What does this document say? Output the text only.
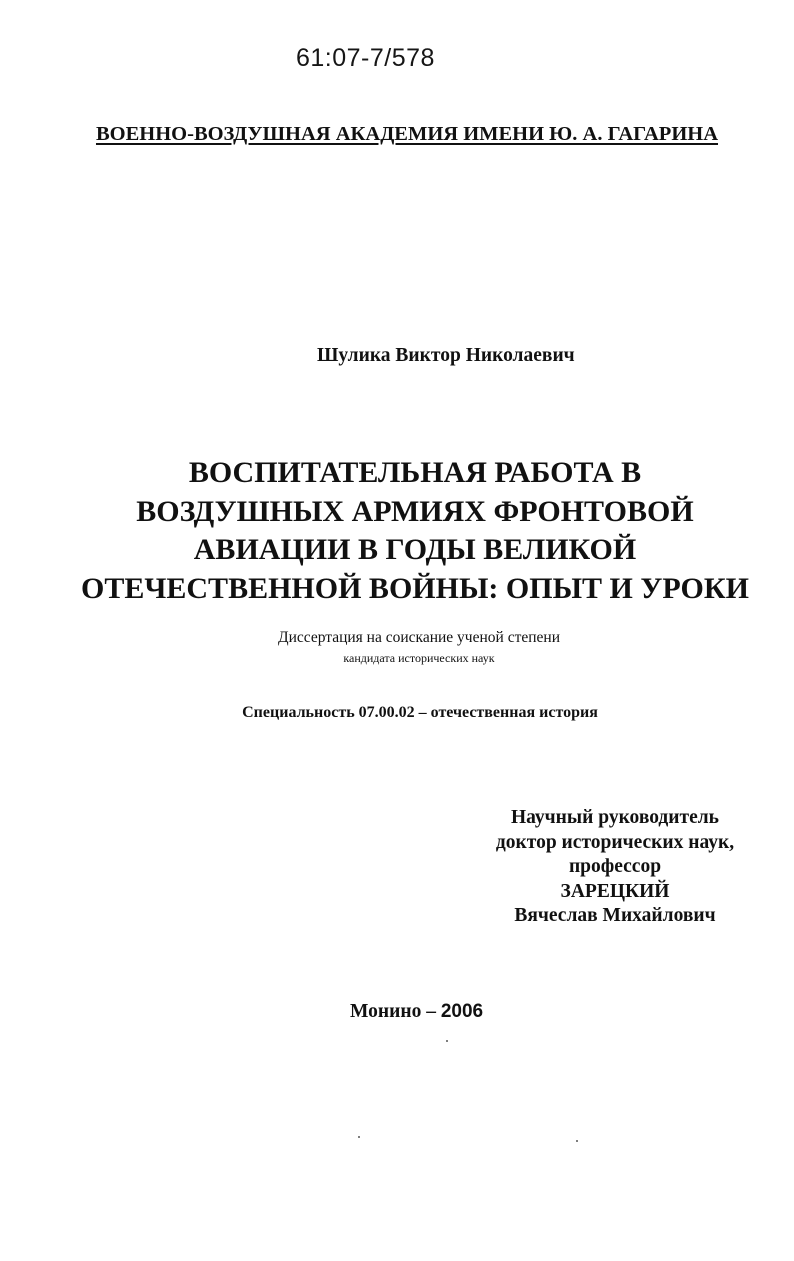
61:07-7/578
ВОЕННО-ВОЗДУШНАЯ АКАДЕМИЯ ИМЕНИ Ю. А. ГАГАРИНА
Шулика Виктор Николаевич
ВОСПИТАТЕЛЬНАЯ РАБОТА В
ВОЗДУШНЫХ АРМИЯХ ФРОНТОВОЙ
АВИАЦИИ В ГОДЫ ВЕЛИКОЙ
ОТЕЧЕСТВЕННОЙ ВОЙНЫ: ОПЫТ И УРОКИ
Диссертация на соискание ученой степени
кандидата исторических наук
Специальность 07.00.02 – отечественная история
Научный руководитель
доктор исторических наук,
профессор
ЗАРЕЦКИЙ
Вячеслав Михайлович
Монино – 2006
